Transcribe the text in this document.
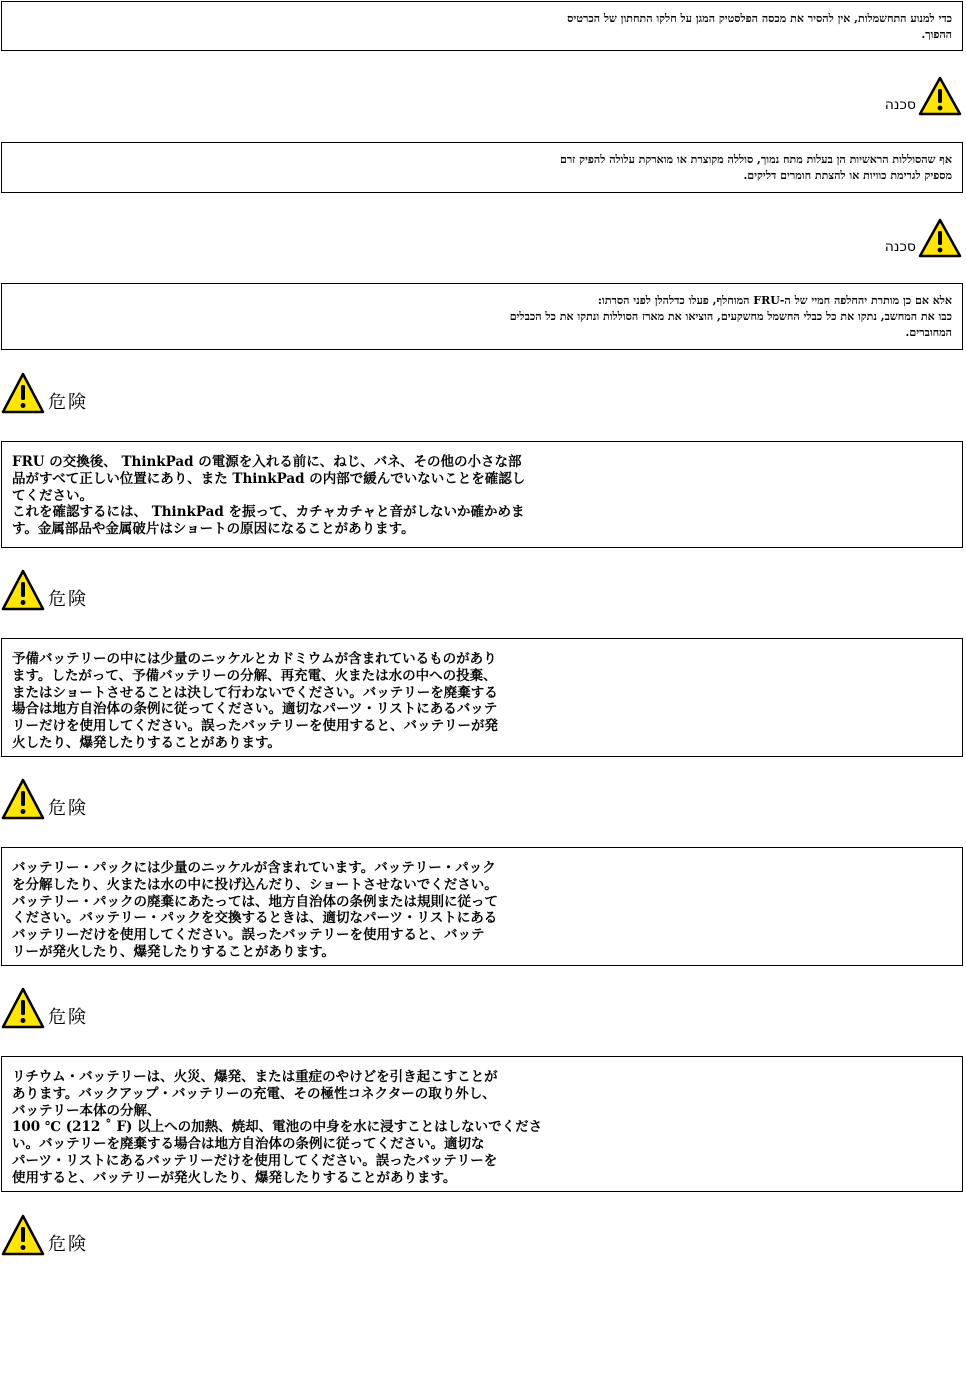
כדי למנוע התחשמלות, אין להסיר את מכסה הפלסטיק המגן על חלקו התחתון של הכרטיס

ההפוך.

סכנה

אף שהסוללות הראשיות הן בעלות מתח נמוך, סוללה מקוצרת או מוארקת עלולה להפיק זרם

מספיק לגרימת כוויות או להצתת חומרים דליקים.

סכנה

אלא אם כן מותרת יהחלפה חמיי של ה-FRU המוחלף, פעלו כדלהלן לפני הסרתו:

כבו את המחשב, נתקו את כל כבלי החשמל מחשקעים, הוציאו את מארז הסוללות ונתקו את כל הכבלים

המחוברים.

危険

FRU の交換後、 ThinkPad の電源を入れる前に、ねじ、バネ、その他の小さな部

品がすべて正しい位置にあり、また ThinkPad の内部で緩んでいないことを確認し

てください。

これを確認するには、 ThinkPad を振って、カチャカチャと音がしないか確かめま

す。金属部品や金属破片はショートの原因になることがあります。

危険

予備バッテリーの中には少量のニッケルとカドミウムが含まれているものがあり

ます。したがって、予備バッテリーの分解、再充電、火または水の中への投棄、

またはショートさせることは決して行わないでください。バッテリーを廃棄する

場合は地方自治体の条例に従ってください。適切なパーツ・リストにあるバッテ

リーだけを使用してください。誤ったバッテリーを使用すると、バッテリーが発

火したり、爆発したりすることがあります。

危険

バッテリー・パックには少量のニッケルが含まれています。バッテリー・パック

を分解したり、火または水の中に投げ込んだり、ショートさせないでください。

バッテリー・パックの廃棄にあたっては、地方自治体の条例または規則に従って

ください。バッテリー・パックを交換するときは、適切なパーツ・リストにある

バッテリーだけを使用してください。誤ったバッテリーを使用すると、バッテ

リーが発火したり、爆発したりすることがあります。

危険

リチウム・バッテリーは、火災、爆発、または重症のやけどを引き起こすことが

あります。バックアップ・バッテリーの充電、その極性コネクターの取り外し、

バッテリー本体の分解、

100 ℃ (212 ˚ F) 以上への加熱、焼却、電池の中身を水に浸すことはしないでくださ

い。バッテリーを廃棄する場合は地方自治体の条例に従ってください。適切な

パーツ・リストにあるバッテリーだけを使用してください。誤ったバッテリーを

使用すると、バッテリーが発火したり、爆発したりすることがあります。

危険
